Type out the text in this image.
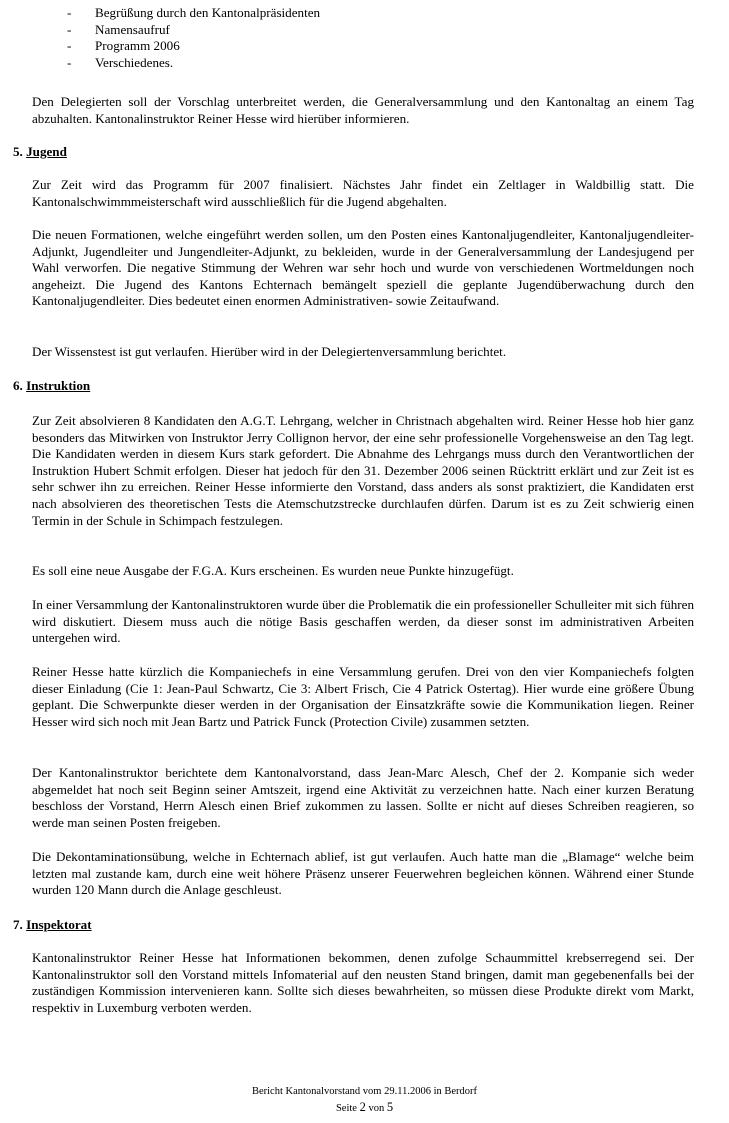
-	Begrüßung durch den Kantonalpräsidenten
-	Namensaufruf
-	Programm 2006
-	Verschiedenes.

Den Delegierten soll der Vorschlag unterbreitet werden, die Generalversammlung und den Kantonaltag an einem Tag abzuhalten. Kantonalinstruktor Reiner Hesse wird hierüber informieren.

5. Jugend

Zur Zeit wird das Programm für 2007 finalisiert. Nächstes Jahr findet ein Zeltlager in Waldbillig statt. Die Kantonalschwimmmeisterschaft wird ausschließlich für die Jugend abgehalten.

Die neuen Formationen, welche eingeführt werden sollen, um den Posten eines Kantonaljugendleiter, Kantonaljugendleiter-Adjunkt, Jugendleiter und Jungendleiter-Adjunkt, zu bekleiden, wurde in der Generalversammlung der Landesjugend per Wahl verworfen. Die negative Stimmung der Wehren war sehr hoch und wurde von verschiedenen Wortmeldungen noch angeheizt. Die Jugend des Kantons Echternach bemängelt speziell die geplante Jugendüberwachung durch den Kantonaljugendleiter. Dies bedeutet einen enormen Administrativen- sowie Zeitaufwand.

Der Wissenstest ist gut verlaufen. Hierüber wird in der Delegiertenversammlung berichtet.

6. Instruktion

Zur Zeit absolvieren 8 Kandidaten den A.G.T. Lehrgang, welcher in Christnach abgehalten wird. Reiner Hesse hob hier ganz besonders das Mitwirken von Instruktor Jerry Collignon hervor, der eine sehr professionelle Vorgehensweise an den Tag legt. Die Kandidaten werden in diesem Kurs stark gefordert. Die Abnahme des Lehrgangs muss durch den Verantwortlichen der Instruktion Hubert Schmit erfolgen. Dieser hat jedoch für den 31. Dezember 2006 seinen Rücktritt erklärt und zur Zeit ist es sehr schwer ihn zu erreichen. Reiner Hesse informierte den Vorstand, dass anders als sonst praktiziert, die Kandidaten erst nach absolvieren des theoretischen Tests die Atemschutzstrecke durchlaufen dürfen. Darum ist es zu Zeit schwierig einen Termin in der Schule in Schimpach festzulegen.

Es soll eine neue Ausgabe der F.G.A. Kurs erscheinen. Es wurden neue Punkte hinzugefügt.

In einer Versammlung der Kantonalinstruktoren wurde über die Problematik die ein professioneller Schulleiter mit sich führen wird diskutiert. Diesem muss auch die nötige Basis geschaffen werden, da dieser sonst im administrativen Arbeiten untergehen wird.

Reiner Hesse hatte kürzlich die Kompaniechefs in eine Versammlung gerufen. Drei von den vier Kompaniechefs folgten dieser Einladung (Cie 1: Jean-Paul Schwartz, Cie 3: Albert Frisch, Cie 4 Patrick Ostertag). Hier wurde eine größere Übung geplant. Die Schwerpunkte dieser werden in der Organisation der Einsatzkräfte sowie die Kommunikation liegen. Reiner Hesser wird sich noch mit Jean Bartz und Patrick Funck (Protection Civile) zusammen setzten.

Der Kantonalinstruktor berichtete dem Kantonalvorstand, dass Jean-Marc Alesch, Chef der 2. Kompanie sich weder abgemeldet hat noch seit Beginn seiner Amtszeit, irgend eine Aktivität zu verzeichnen hatte. Nach einer kurzen Beratung beschloss der Vorstand, Herrn Alesch einen Brief zukommen zu lassen. Sollte er nicht auf dieses Schreiben reagieren, so werde man seinen Posten freigeben.

Die Dekontaminationsübung, welche in Echternach ablief, ist gut verlaufen. Auch hatte man die „Blamage“ welche beim letzten mal zustande kam, durch eine weit höhere Präsenz unserer Feuerwehren begleichen können. Während einer Stunde wurden 120 Mann durch die Anlage geschleust.

7. Inspektorat

Kantonalinstruktor Reiner Hesse hat Informationen bekommen, denen zufolge Schaummittel krebserregend sei. Der Kantonalinstruktor soll den Vorstand mittels Infomaterial auf den neusten Stand bringen, damit man gegebenenfalls bei der zuständigen Kommission intervenieren kann. Sollte sich dieses bewahrheiten, so müssen diese Produkte direkt vom Markt, respektiv in Luxemburg verboten werden.

Bericht Kantonalvorstand vom 29.11.2006 in Berdorf
Seite 2 von 5
